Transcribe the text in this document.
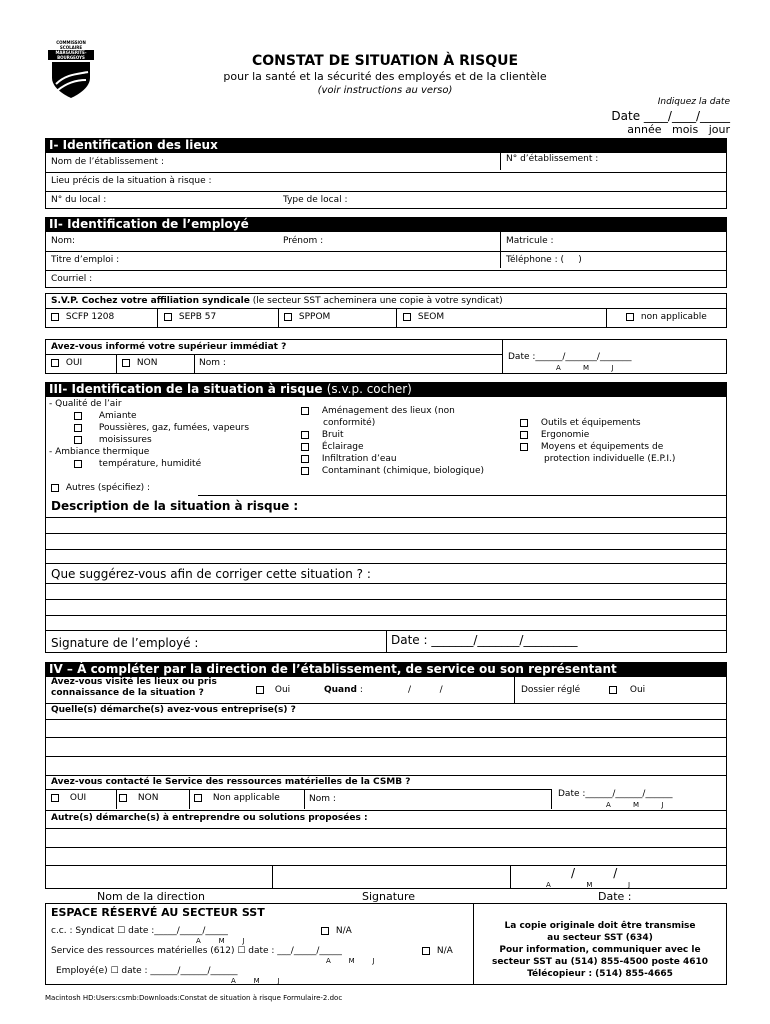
COMMISSION
SCOLAIRE
MARGUERITE-
BOURGEOYS	CONSTAT DE SITUATION À RISQUE
pour la santé et la sécurité des employés et de la clientèle
(voir instructions au verso)
Indiquez la date
Date ____/____/_____
année   mois   jour
I- Identification des lieux
Nom de l’établissement :	N° d’établissement :
Lieu précis de la situation à risque :
N° du local :	Type de local :
II- Identification de l’employé
Nom:	Prénom :	Matricule :
Titre d’emploi :	Téléphone : (     )
Courriel :
S.V.P. Cochez votre affiliation syndicale (le secteur SST acheminera une copie à votre syndicat)
SCFP 1208	SEPB 57	SPPOM	SEOM	non applicable
Avez-vous informé votre supérieur immédiat ?
OUI	NON	Nom :
Date :______/_______/_______
A          M          J
III- Identification de la situation à risque (s.v.p. cocher)
- Qualité de l’air
Amiante
Poussières, gaz, fumées, vapeurs
moisissures
- Ambiance thermique
température, humidité
Aménagement des lieux (non
conformité)
Bruit
Éclairage
Infiltration d’eau
Contaminant (chimique, biologique)
Outils et équipements
Ergonomie
Moyens et équipements de
protection individuelle (E.P.I.)
Autres (spécifiez) :
Description de la situation à risque :
Que suggérez-vous afin de corriger cette situation ? :
Signature de l’employé :	Date : _______/_______/_________
IV – À compléter par la direction de l’établissement, de service ou son représentant
Avez-vous visité les lieux ou pris
connaissance de la situation ?	Oui	Quand :	/          /	Dossier réglé	Oui
Quelle(s) démarche(s) avez-vous entreprise(s) ?
Avez-vous contacté le Service des ressources matérielles de la CSMB ?
OUI	NON	Non applicable	Nom :	Date :______/______/______
A          M          J
Autre(s) démarche(s) à entreprendre ou solutions proposées :
/          /
A                M                J
Nom de la direction	Signature	Date :
ESPACE RÉSERVÉ AU SECTEUR SST
c.c. : Syndicat ☐ date :_____/_____/_____	N/A
A        M        J
Service des ressources matérielles (612) ☐ date : ___/_____/_____	N/A
A        M        J
Employé(e) ☐ date : ______/______/______
A        M        J
La copie originale doit être transmise
au secteur SST (634)
Pour information, communiquer avec le
secteur SST au (514) 855-4500 poste 4610
Télécopieur : (514) 855-4665
Macintosh HD:Users:csmb:Downloads:Constat de situation à risque Formulaire-2.doc
